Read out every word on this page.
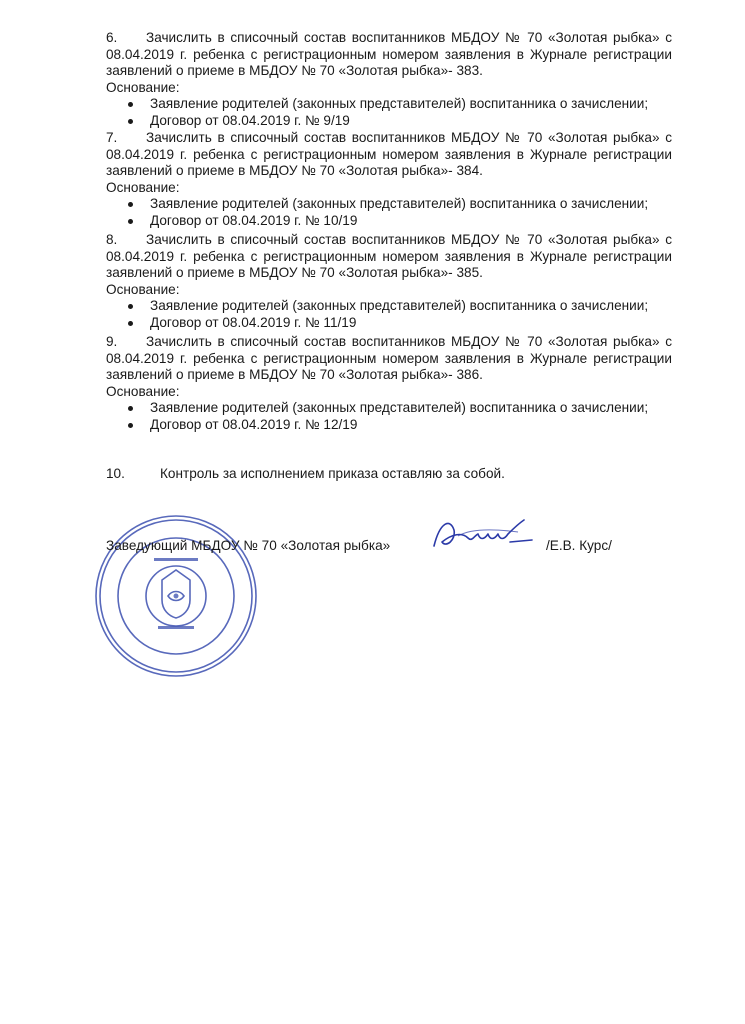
6. Зачислить в списочный состав воспитанников МБДОУ № 70 «Золотая рыбка» с 08.04.2019 г. ребенка с регистрационным номером заявления в Журнале регистрации заявлений о приеме в МБДОУ № 70 «Золотая рыбка»- 383.

Основание:

Заявление родителей (законных представителей) воспитанника о зачислении;
Договор от 08.04.2019 г. № 9/19

7. Зачислить в списочный состав воспитанников МБДОУ № 70 «Золотая рыбка» с 08.04.2019 г. ребенка с регистрационным номером заявления в Журнале регистрации заявлений о приеме в МБДОУ № 70 «Золотая рыбка»- 384.

Основание:

Заявление родителей (законных представителей) воспитанника о зачислении;
Договор от 08.04.2019 г. № 10/19

8. Зачислить в списочный состав воспитанников МБДОУ № 70 «Золотая рыбка» с 08.04.2019 г. ребенка с регистрационным номером заявления в Журнале регистрации заявлений о приеме в МБДОУ № 70 «Золотая рыбка»- 385.

Основание:

Заявление родителей (законных представителей) воспитанника о зачислении;
Договор от 08.04.2019 г. № 11/19

9. Зачислить в списочный состав воспитанников МБДОУ № 70 «Золотая рыбка» с 08.04.2019 г. ребенка с регистрационным номером заявления в Журнале регистрации заявлений о приеме в МБДОУ № 70 «Золотая рыбка»- 386.

Основание:

Заявление родителей (законных представителей) воспитанника о зачислении;
Договор от 08.04.2019 г. № 12/19
10.	Контроль за исполнением приказа оставляю за собой.
Заведующий МБДОУ № 70 «Золотая рыбка»	/Е.В. Курс/
